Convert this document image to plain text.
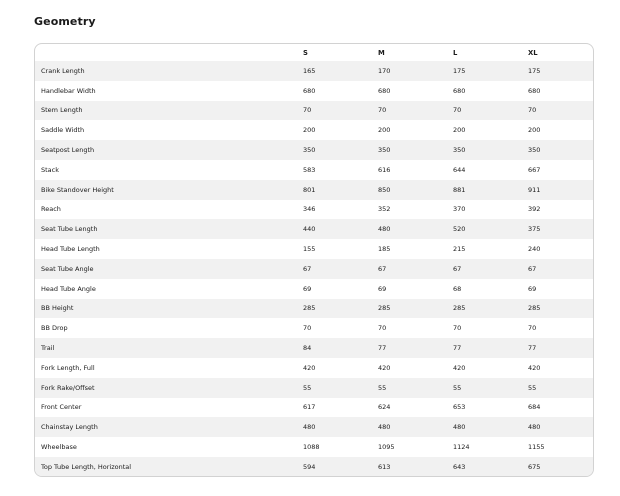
Geometry
	S	M	L	XL
Crank Length	165	170	175	175
Handlebar Width	680	680	680	680
Stem Length	70	70	70	70
Saddle Width	200	200	200	200
Seatpost Length	350	350	350	350
Stack	583	616	644	667
Bike Standover Height	801	850	881	911
Reach	346	352	370	392
Seat Tube Length	440	480	520	375
Head Tube Length	155	185	215	240
Seat Tube Angle	67	67	67	67
Head Tube Angle	69	69	68	69
BB Height	285	285	285	285
BB Drop	70	70	70	70
Trail	84	77	77	77
Fork Length, Full	420	420	420	420
Fork Rake/Offset	55	55	55	55
Front Center	617	624	653	684
Chainstay Length	480	480	480	480
Wheelbase	1088	1095	1124	1155
Top Tube Length, Horizontal	594	613	643	675
